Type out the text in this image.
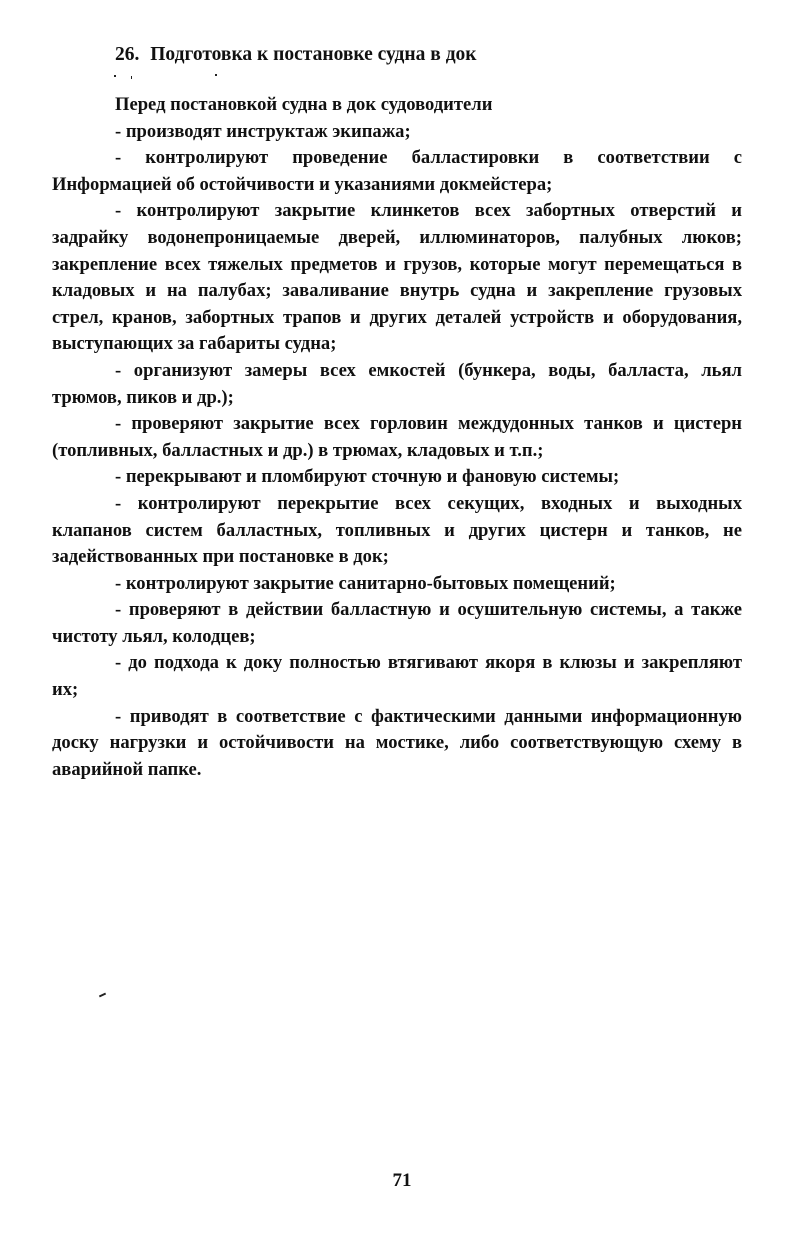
26. Подготовка к постановке судна в док

Перед постановкой судна в док судоводители

- производят инструктаж экипажа;

- контролируют проведение балластировки в соответствии с Информацией об остойчивости и указаниями докмейстера;

- контролируют закрытие клинкетов всех забортных отверстий и задрайку водонепроницаемые дверей, иллюминаторов, палубных люков; закрепление всех тяжелых предметов и грузов, которые могут перемещаться в кладовых и на палубах; заваливание внутрь судна и закрепление грузовых стрел, кранов, забортных трапов и других деталей устройств и оборудования, выступающих за габариты судна;

- организуют замеры всех емкостей (бункера, воды, балласта, льял трюмов, пиков и др.);

- проверяют закрытие всех горловин междудонных танков и цистерн (топливных, балластных и др.) в трюмах, кладовых и т.п.;

- перекрывают и пломбируют сточную и фановую системы;

- контролируют перекрытие всех секущих, входных и выходных клапанов систем балластных, топливных и других цистерн и танков, не задействованных при постановке в док;

- контролируют закрытие санитарно-бытовых помещений;

- проверяют в действии балластную и осушительную системы, а также чистоту льял, колодцев;

- до подхода к доку полностью втягивают якоря в клюзы и закрепляют их;

- приводят в соответствие с фактическими данными информационную доску нагрузки и остойчивости на мостике, либо соответствующую схему в аварийной папке.

71
